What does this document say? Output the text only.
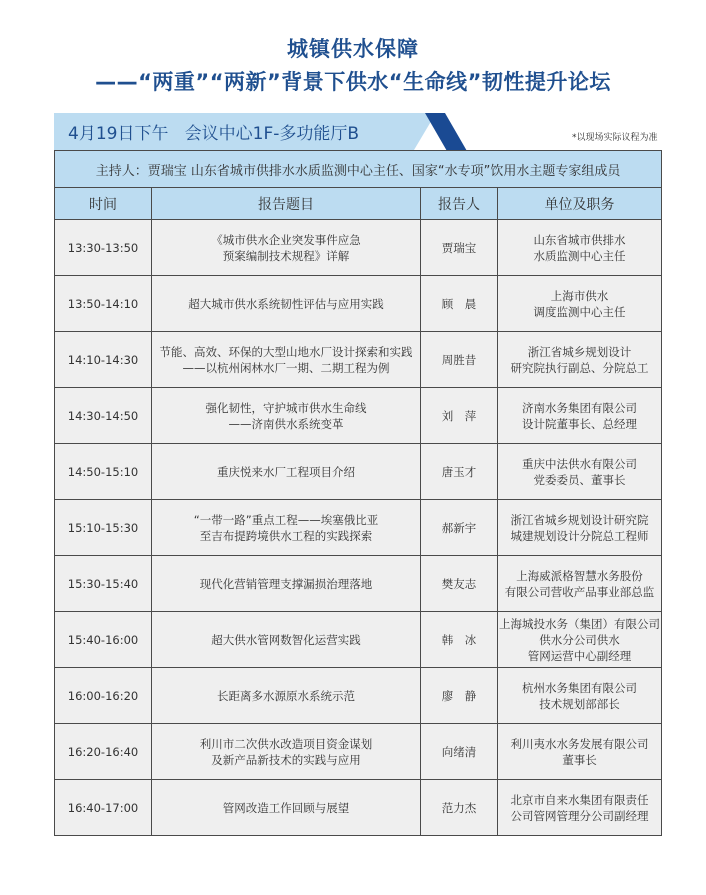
城镇供水保障
——“两重”“两新”背景下供水“生命线”韧性提升论坛
4月19日下午   会议中心1F-多功能厅B	*以现场实际议程为准
主持人：贾瑞宝 山东省城市供排水水质监测中心主任、国家“水专项”饮用水主题专家组成员			
时间	报告题目	报告人	单位及职务
13:30-13:50	《城市供水企业突发事件应急
预案编制技术规程》详解	贾瑞宝	山东省城市供排水
水质监测中心主任

13:50-14:10	超大城市供水系统韧性评估与应用实践	顾　晨	上海市供水
调度监测中心主任

14:10-14:30	节能、高效、环保的大型山地水厂设计探索和实践
——以杭州闲林水厂一期、二期工程为例	周胜昔	浙江省城乡规划设计
研究院执行副总、分院总工

14:30-14:50	强化韧性，守护城市供水生命线
——济南供水系统变革	刘　萍	济南水务集团有限公司
设计院董事长、总经理

14:50-15:10	重庆悦来水厂工程项目介绍	唐玉才	重庆中法供水有限公司
党委委员、董事长

15:10-15:30	“一带一路”重点工程——埃塞俄比亚
至吉布提跨境供水工程的实践探索	郝新宇	浙江省城乡规划设计研究院
城建规划设计分院总工程师

15:30-15:40	现代化营销管理支撑漏损治理落地	樊友志	上海威派格智慧水务股份
有限公司营收产品事业部总监

15:40-16:00	超大供水管网数智化运营实践	韩　冰	上海城投水务（集团）有限公司
供水分公司供水
管网运营中心副经理

16:00-16:20	长距离多水源原水系统示范	廖　静	杭州水务集团有限公司
技术规划部部长

16:20-16:40	利川市二次供水改造项目资金谋划
及新产品新技术的实践与应用	向绪清	利川夷水水务发展有限公司
董事长

16:40-17:00	管网改造工作回顾与展望	范力杰	北京市自来水集团有限责任
公司管网管理分公司副经理
